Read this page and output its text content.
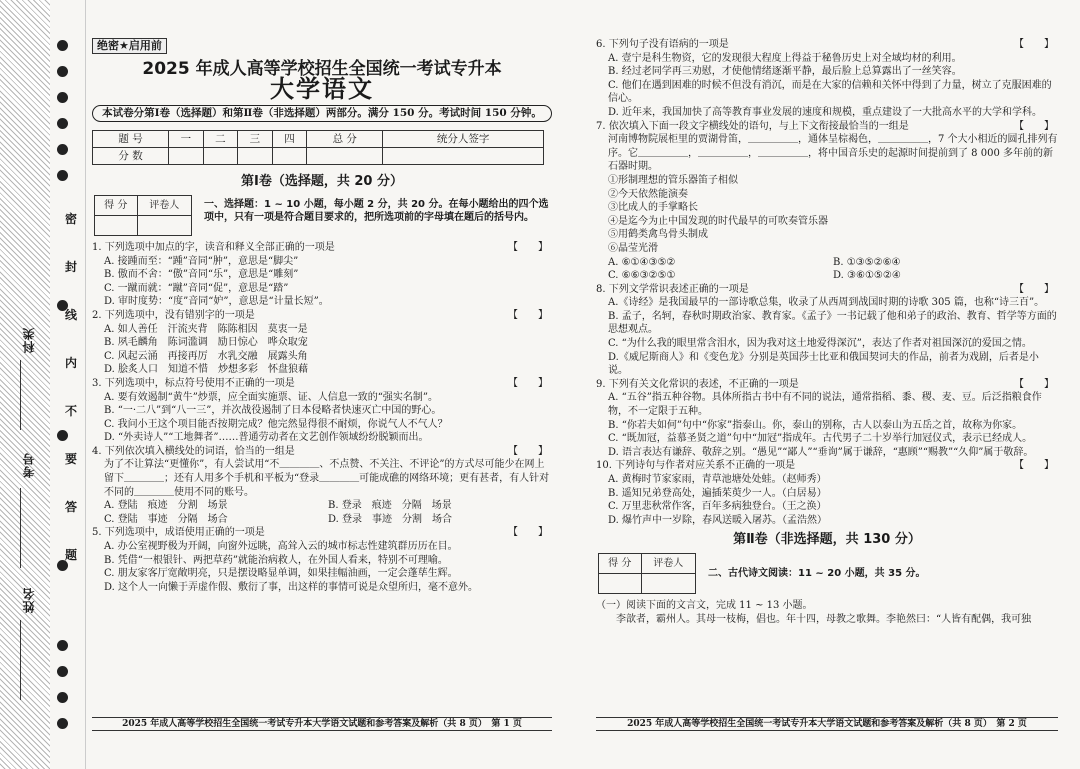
科类
考号
姓名
密
封
线
内
不
要
答
题
绝密★启用前
2025 年成人高等学校招生全国统一考试专升本
大学语文
本试卷分第Ⅰ卷（选择题）和第Ⅱ卷（非选择题）两部分。满分 150 分。考试时间 150 分钟。
题 号	一	二	三	四	总 分	统分人签字
分 数						
第Ⅰ卷（选择题，共 20 分）
得 分	评卷人
	一、选择题：1 ~ 10 小题，每小题 2 分，共 20 分。在每小题给出的四个选项中，只有一项是符合题目要求的，把所选项前的字母填在题后的括号内。
1. 下列选项中加点的字，读音和释义全部正确的一项是	【　　】
A. 接踵而至：“踵”音同“肿”，意思是“脚尖”
B. 傲而不舍：“傲”音同“乐”，意思是“雕刻”
C. 一蹴而就：“蹴”音同“促”，意思是“踏”
D. 审时度势：“度”音同“妒”，意思是“计量长短”。
2. 下列选项中，没有错别字的一项是	【　　】
A. 如人善任　汗流夹背　陈陈相因　莫衷一是
B. 夙毛麟角　陈词滥调　励日惊心　哗众取宠
C. 风起云涌　再接再厉　水乳交融　展露头角
D. 脍炙人口　知道不惜　炒想多彩　怀盘狼藉
3. 下列选项中，标点符号使用不正确的一项是	【　　】
A. 要有效遏制“黄牛”炒票，应全面实施票、证、人信息一致的“强实名制”。
B. “一·二八”到“八一三”，并次战役遏制了日本侵略者快速灭亡中国的野心。
C. 我问小王这个项目能否按期完成？他完然显得很不耐烦，你说气人不气人？
D. “外卖诗人”“工地舞者”……普通劳动者在文艺创作领域纷纷脱颖而出。
4. 下列依次填入横线处的词语，恰当的一组是	【　　】
为了不让算法“更懂你”，有人尝试用“不＿＿＿＿、不点赞、不关注、不评论”的方式尽可能少在网上留下＿＿＿＿；还有人用多个手机和平板为“登录＿＿＿＿可能成礁的网络环境；更有甚者，有人针对不同的＿＿＿＿使用不同的账号。
A. 登陆　痕迹　分割　场景	B. 登录　痕迹　分隔　场景
C. 登陆　事迹　分隔　场合	D. 登录　事迹　分割　场合
5. 下列选项中，成语使用正确的一项是	【　　】
A. 办公室视野极为开阔，向窗外远眺，高耸入云的城市标志性建筑群历历在目。
B. 凭借“一根银针、两把草药”就能治病救人，在外国人看来，特别不可理喻。
C. 朋友家客厅宽敞明亮，只是摆设略显单调，如果挂幅油画，一定会蓬荜生辉。
D. 这个人一向懒于弄虚作假、敷衍了事，出这样的事情可说是众望所归，毫不意外。
2025 年成人高等学校招生全国统一考试专升本大学语文试题和参考答案及解析（共 8 页）　第 1 页
6. 下列句子没有语病的一项是	【　　】
A. 壹宁是科生物资，它的发现很大程度上得益于秘鲁历史上对全域均材的利用。
B. 经过老同学再三劝慰，才使他情绪逐渐平静，最后脸上总算露出了一丝笑容。
C. 他们在遇到困难的时候不但没有消沉，而是在大家的信赖和关怀中得到了力量，树立了克服困难的信心。
D. 近年来，我国加快了高等教育事业发展的速度和规模，重点建设了一大批高水平的大学和学科。
7. 依次填入下面一段文字横线处的语句，与上下文衔接最恰当的一组是	【　　】
河南博物院展柜里的贾湖骨笛，＿＿＿＿＿，通体呈棕褐色，＿＿＿＿＿，7 个大小相近的圆孔排列有序。它＿＿＿＿＿，＿＿＿＿＿，＿＿＿＿＿，将中国音乐史的起源时间提前到了 8 000 多年前的新石器时期。
①形制理想的管乐器笛子相似
②今天依然能演奏
③比成人的手掌略长
④是迄今为止中国发现的时代最早的可吹奏管乐器
⑤用鹤类禽鸟骨头制成
⑥晶莹光滑
A. ⑥①④③⑤②	B. ①③⑤②⑥④
C. ⑥⑥③②⑤①	D. ③⑥①⑤②④
8. 下列文学常识表述正确的一项是	【　　】
A.《诗经》是我国最早的一部诗歌总集，收录了从西周到战国时期的诗歌 305 篇，也称“诗三百”。
B. 孟子，名轲，春秋时期政治家、教育家。《孟子》一书记载了他和弟子的政治、教育、哲学等方面的思想观点。
C. “为什么我的眼里常含泪水，因为我对这土地爱得深沉”，表达了作者对祖国深沉的爱国之情。
D.《威尼斯商人》和《变色龙》分别是英国莎士比亚和俄国契诃夫的作品，前者为戏剧，后者是小说。
9. 下列有关文化常识的表述，不正确的一项是	【　　】
A. “五谷”指五种谷物。具体所指古书中有不同的说法，通常指稻、黍、稷、麦、豆。后泛指粮食作物，不一定限于五种。
B. “你若夫如何”句中“你家”指泰山。你，泰山的别称，古人以泰山为五岳之首，故称为你家。
C. “既加冠，益慕圣贤之道”句中“加冠”指成年。古代男子二十岁举行加冠仪式，表示已经成人。
D. 语言表达有谦辞、敬辞之别。“愚见”“鄙人”“垂询”属于谦辞，“惠顾”“赐教”“久仰”属于敬辞。
10. 下列诗句与作者对应关系不正确的一项是	【　　】
A. 黄梅时节家家雨，青草池塘处处蛙。（赵师秀）
B. 遥知兄弟登高处，遍插茱萸少一人。（白居易）
C. 万里悲秋常作客，百年多病独登台。（王之涣）
D. 爆竹声中一岁除，春风送暖入屠苏。（孟浩然）
第Ⅱ卷（非选择题，共 130 分）
得 分	评卷人

二、古代诗文阅读：11 ~ 20 小题，共 35 分。
（一）阅读下面的文言文，完成 11 ~ 13 小题。
李歆者，霸州人。其母一枝梅，倡也。年十四，母教之歌舞。李艳然曰：“人皆有配偶，我可独
2025 年成人高等学校招生全国统一考试专升本大学语文试题和参考答案及解析（共 8 页）　第 2 页
